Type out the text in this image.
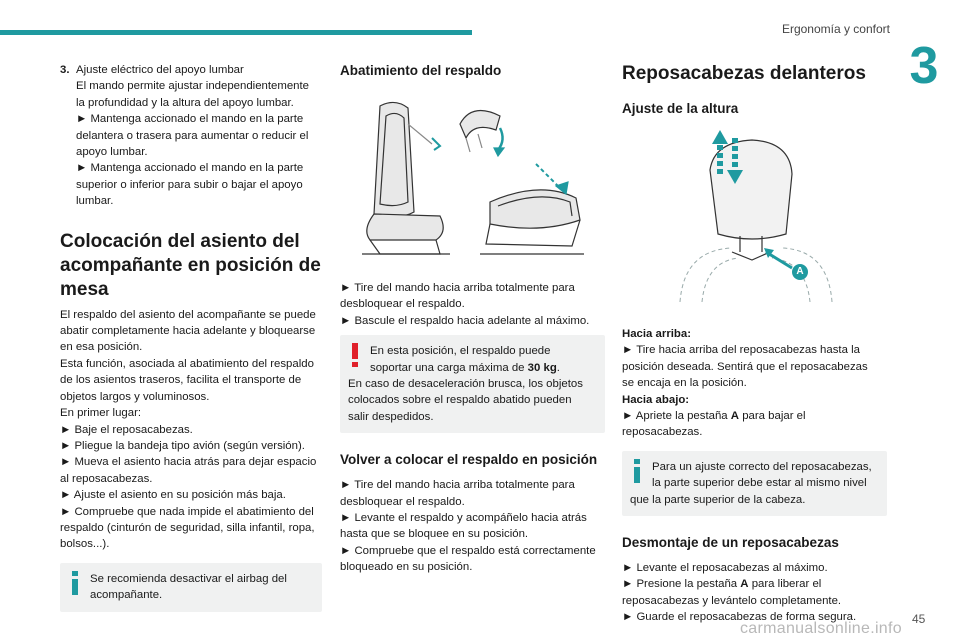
Ergonomía y confort
3
3. Ajuste eléctrico del apoyo lumbar
El mando permite ajustar independientemente
la profundidad y la altura del apoyo lumbar.
► Mantenga accionado el mando en la parte
delantera o trasera para aumentar o reducir el
apoyo lumbar.
► Mantenga accionado el mando en la parte
superior o inferior para subir o bajar el apoyo
lumbar.
Colocación del asiento del
acompañante en posición de
mesa
El respaldo del asiento del acompañante se puede
abatir completamente hacia adelante y bloquearse
en esa posición.
Esta función, asociada al abatimiento del respaldo
de los asientos traseros, facilita el transporte de
objetos largos y voluminosos.
En primer lugar:
► Baje el reposacabezas.
► Pliegue la bandeja tipo avión (según versión).
► Mueva el asiento hacia atrás para dejar espacio
al reposacabezas.
► Ajuste el asiento en su posición más baja.
► Compruebe que nada impide el abatimiento del
respaldo (cinturón de seguridad, silla infantil, ropa,
bolsos...).
Se recomienda desactivar el airbag del
acompañante.
Abatimiento del respaldo
► Tire del mando hacia arriba totalmente para
desbloquear el respaldo.
► Bascule el respaldo hacia adelante al máximo.
En esta posición, el respaldo puede
soportar una carga máxima de 30 kg.
En caso de desaceleración brusca, los objetos
colocados sobre el respaldo abatido pueden
salir despedidos.
Volver a colocar el respaldo en posición
► Tire del mando hacia arriba totalmente para
desbloquear el respaldo.
► Levante el respaldo y acompáñelo hacia atrás
hasta que se bloquee en su posición.
► Compruebe que el respaldo está correctamente
bloqueado en su posición.
Reposacabezas delanteros
Ajuste de la altura
A
Hacia arriba:
► Tire hacia arriba del reposacabezas hasta la
posición deseada. Sentirá que el reposacabezas
se encaja en la posición.
Hacia abajo:
► Apriete la pestaña A para bajar el
reposacabezas.
Para un ajuste correcto del reposacabezas,
la parte superior debe estar al mismo nivel
que la parte superior de la cabeza.
Desmontaje de un reposacabezas
► Levante el reposacabezas al máximo.
► Presione la pestaña A para liberar el
reposacabezas y levántelo completamente.
► Guarde el reposacabezas de forma segura.
carmanualsonline.info
45
